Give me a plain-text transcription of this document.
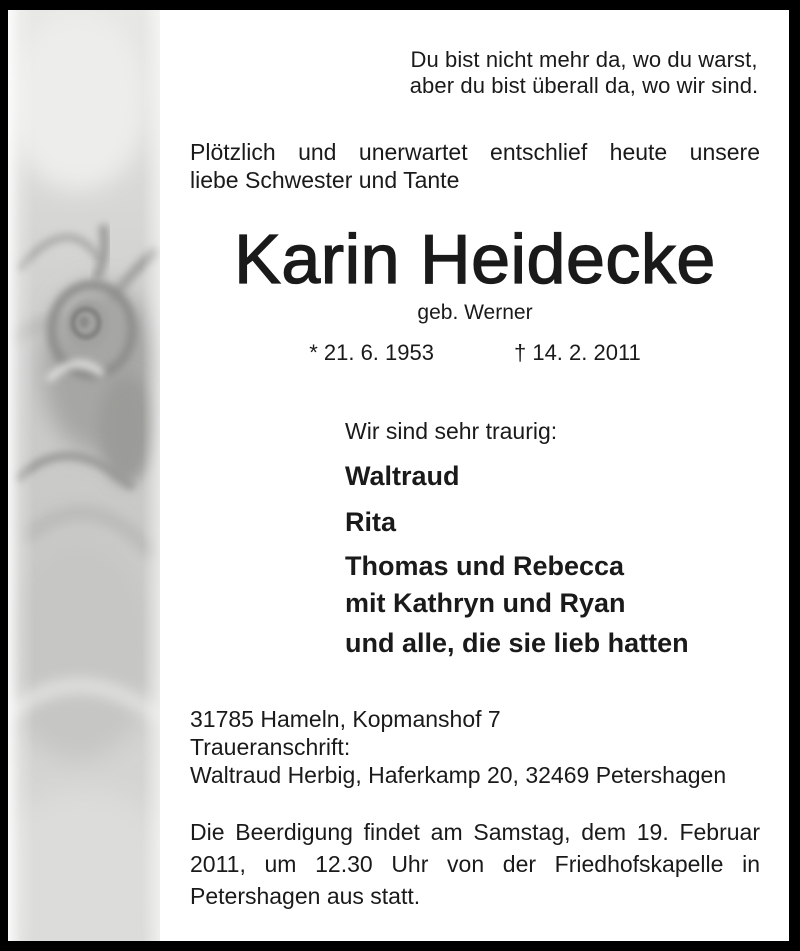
Du bist nicht mehr da, wo du warst,
aber du bist überall da, wo wir sind.
Plötzlich und unerwartet entschlief heute unsere
liebe Schwester und Tante
Karin Heidecke
geb. Werner
* 21. 6. 1953	† 14. 2. 2011
Wir sind sehr traurig:
Waltraud
Rita
Thomas und Rebecca
mit Kathryn und Ryan
und alle, die sie lieb hatten
31785 Hameln, Kopmanshof 7
Traueranschrift:
Waltraud Herbig, Haferkamp 20, 32469 Petershagen
Die Beerdigung findet am Samstag, dem 19. Februar
2011, um 12.30 Uhr von der Friedhofskapelle in
Petershagen aus statt.
